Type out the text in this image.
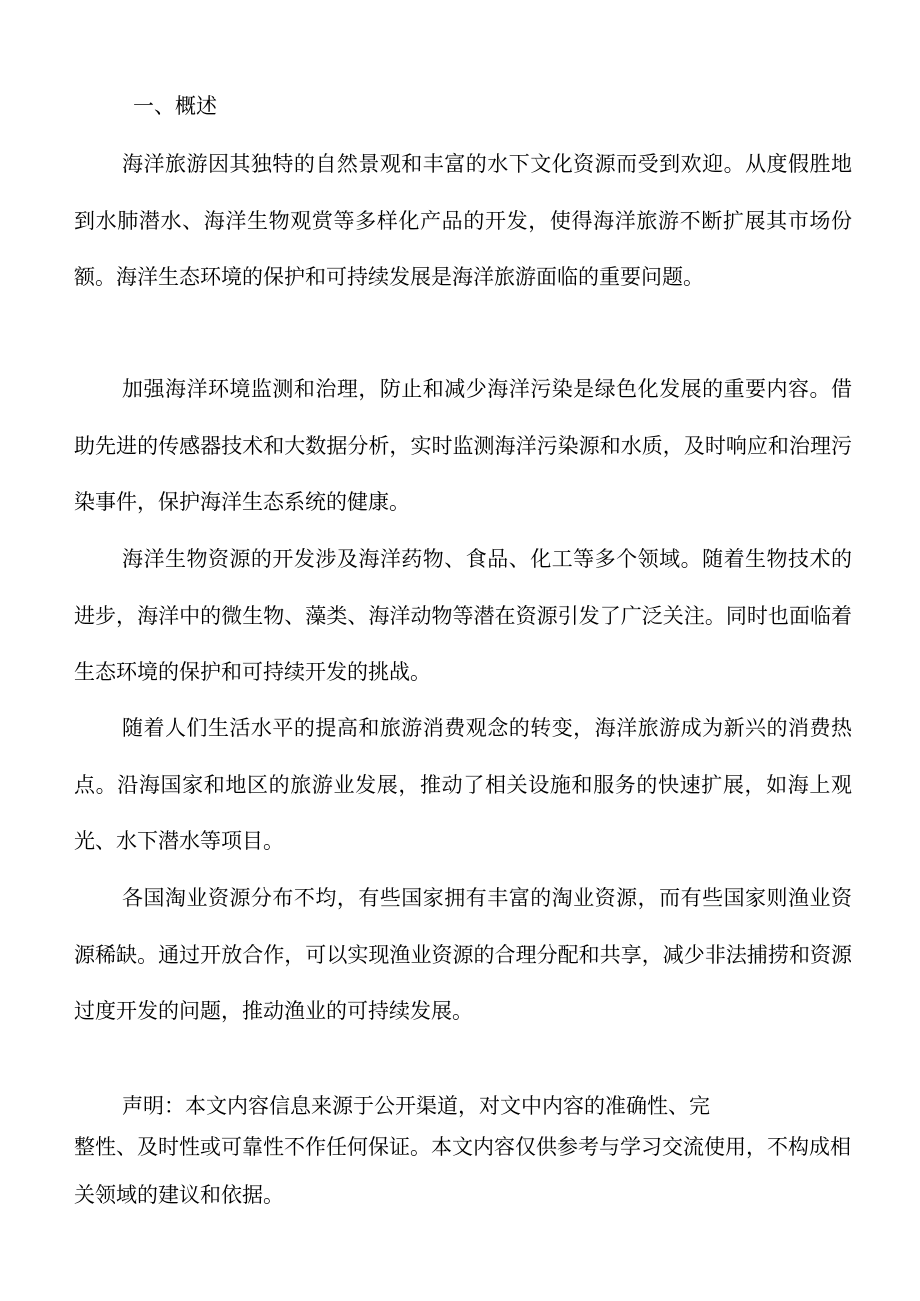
一、概述

海洋旅游因其独特的自然景观和丰富的水下文化资源而受到欢迎。从度假胜地到水肺潜水、海洋生物观赏等多样化产品的开发，使得海洋旅游不断扩展其市场份额。海洋生态环境的保护和可持续发展是海洋旅游面临的重要问题。

加强海洋环境监测和治理，防止和减少海洋污染是绿色化发展的重要内容。借助先进的传感器技术和大数据分析，实时监测海洋污染源和水质，及时响应和治理污染事件，保护海洋生态系统的健康。

海洋生物资源的开发涉及海洋药物、食品、化工等多个领域。随着生物技术的进步，海洋中的微生物、藻类、海洋动物等潜在资源引发了广泛关注。同时也面临着生态环境的保护和可持续开发的挑战。

随着人们生活水平的提高和旅游消费观念的转变，海洋旅游成为新兴的消费热点。沿海国家和地区的旅游业发展，推动了相关设施和服务的快速扩展，如海上观光、水下潜水等项目。

各国淘业资源分布不均，有些国家拥有丰富的淘业资源，而有些国家则渔业资源稀缺。通过开放合作，可以实现渔业资源的合理分配和共享，减少非法捕捞和资源过度开发的问题，推动渔业的可持续发展。

声明：本文内容信息来源于公开渠道，对文中内容的准确性、完

整性、及时性或可靠性不作任何保证。本文内容仅供参考与学习交流使用，不构成相关领域的建议和依据。
